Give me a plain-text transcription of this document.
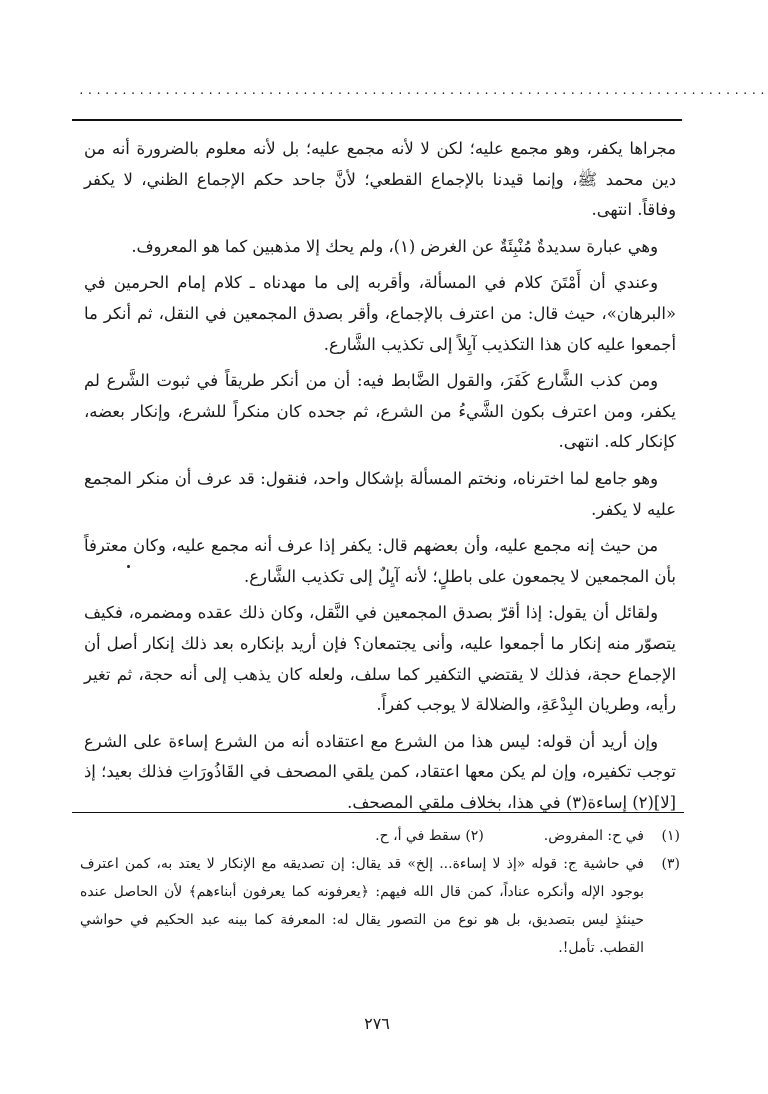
................................................................................

مجراها يكفر، وهو مجمع عليه؛ لكن لا لأنه مجمع عليه؛ بل لأنه معلوم بالضرورة أنه من دين محمد ﷺ، وإنما قيدنا بالإجماع القطعي؛ لأنَّ جاحد حكم الإجماع الظني، لا يكفر وفاقاً. انتهى.

وهي عبارة سديدةٌ مُنْبِئَةٌ عن الغرض (١)، ولم يحك إلا مذهبين كما هو المعروف.

وعندي أن أَمْتَنَ كلام في المسألة، وأقربه إلى ما مهدناه ـ كلام إمام الحرمين في «البرهان»، حيث قال: من اعترف بالإجماع، وأقر بصدق المجمعين في النقل، ثم أنكر ما أجمعوا عليه كان هذا التكذيب آيِلاً إلى تكذيب الشَّارع.

ومن كذب الشَّارع كَفَرَ، والقول الضَّابط فيه: أن من أنكر طريقاً في ثبوت الشَّرع لم يكفر، ومن اعترف بكون الشَّيءُ من الشرع، ثم جحده كان منكراً للشرع، وإنكار بعضه، كإنكار كله. انتهى.

وهو جامع لما اخترناه، ونختم المسألة بإشكال واحد، فنقول: قد عرف أن منكر المجمع عليه لا يكفر.

من حيث إنه مجمع عليه، وأن بعضهم قال: يكفر إذا عرف أنه مجمع عليه، وكان معترفاً بأن المجمعين لا يجمعون على باطلٍ؛ لأنه آيِلٌ إلى تكذيب الشَّارع.

ولقائل أن يقول: إذا أقرّ بصدق المجمعين في النَّقل، وكان ذلك عقده ومضمره، فكيف يتصوّر منه إنكار ما أجمعوا عليه، وأنى يجتمعان؟ فإن أريد بإنكاره بعد ذلك إنكار أصل أن الإجماع حجة، فذلك لا يقتضي التكفير كما سلف، ولعله كان يذهب إلى أنه حجة، ثم تغير رأيه، وطريان البِدْعَةِ، والضلالة لا يوجب كفراً.

وإن أريد أن قوله: ليس هذا من الشرع مع اعتقاده أنه من الشرع إساءة على الشرع توجب تكفيره، وإن لم يكن معها اعتقاد، كمن يلقي المصحف في القَاذُورَاتِ فذلك بعيد؛ إذ [لا](٢) إساءة(٣) في هذا، بخلاف ملقي المصحف.

(١)
في ح: المفروض.
(٢) سقط في أ، ح.
(٣)
في حاشية ج: قوله «إذ لا إساءة... إلخ» قد يقال: إن تصديقه مع الإنكار لا يعتد به، كمن اعترف بوجود الإله وأنكره عناداً، كمن قال الله فيهم: ﴿يعرفونه كما يعرفون أبناءهم﴾ لأن الحاصل عنده حينئذٍ ليس بتصديق، بل هو نوع من التصور يقال له: المعرفة كما بينه عبد الحكيم في حواشي القطب. تأمل!.
٢٧٦
